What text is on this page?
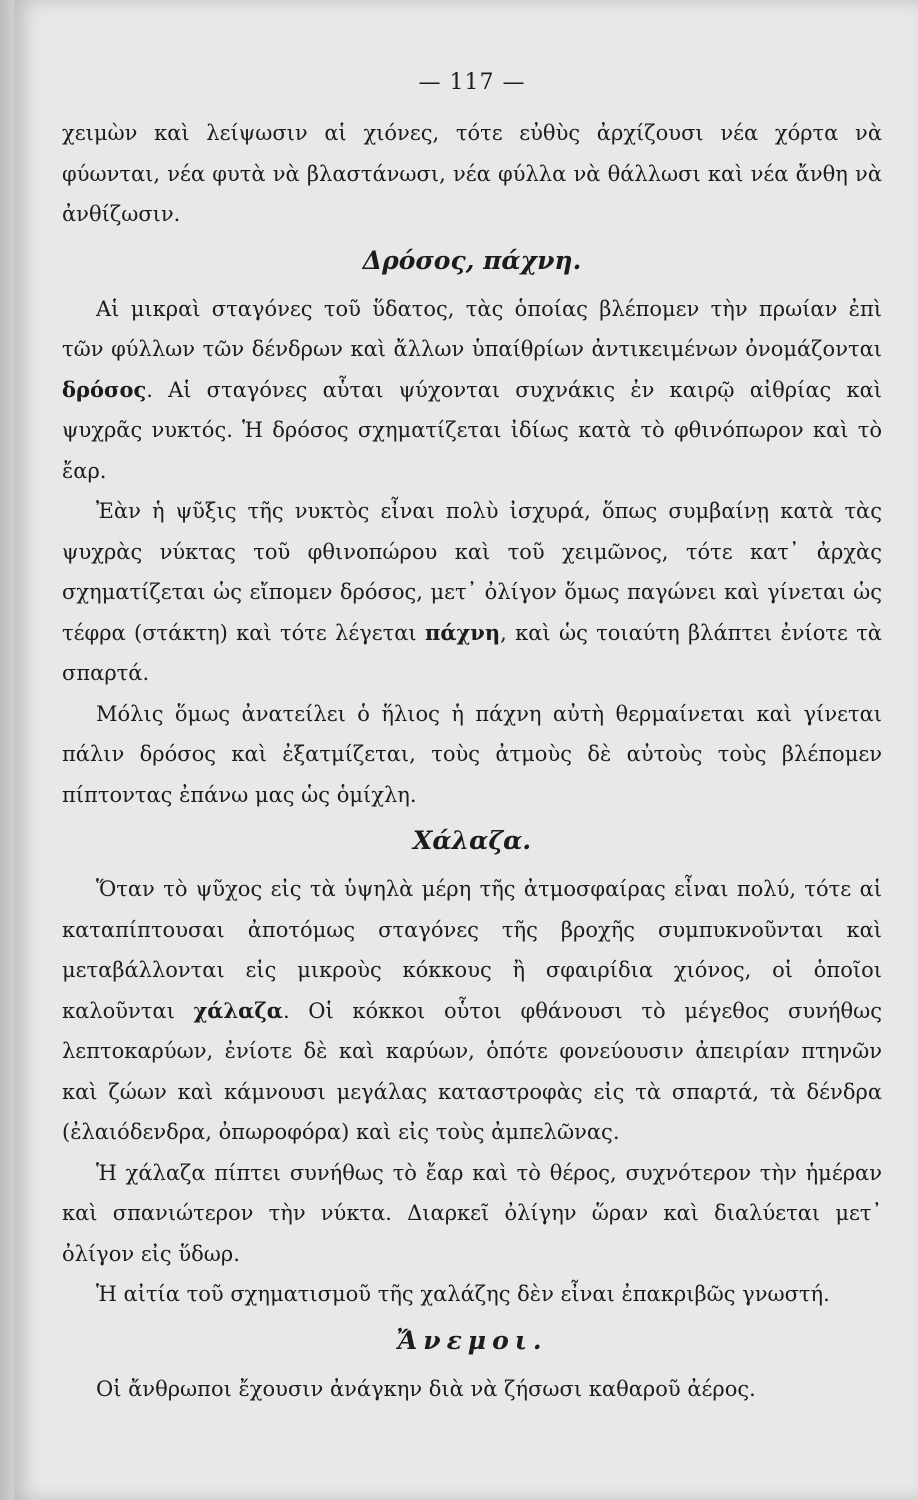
— 117 —

χειμὼν καὶ λείψωσιν αἱ χιόνες, τότε εὐθὺς ἀρχίζουσι νέα χόρτα νὰ φύωνται, νέα φυτὰ νὰ βλαστάνωσι, νέα φύλλα νὰ θάλλωσι καὶ νέα ἄνθη νὰ ἀνθίζωσιν.

Δρόσος, πάχνη.

Αἱ μικραὶ σταγόνες τοῦ ὕδατος, τὰς ὁποίας βλέπομεν τὴν πρωίαν ἐπὶ τῶν φύλλων τῶν δένδρων καὶ ἄλλων ὑπαίθρίων ἀντικειμένων ὀνομάζονται δρόσος. Αἱ σταγόνες αὗται ψύχονται συχνάκις ἐν καιρῷ αἰθρίας καὶ ψυχρᾶς νυκτός. Ἡ δρόσος σχηματίζεται ἰδίως κατὰ τὸ φθινόπωρον καὶ τὸ ἔαρ.

Ἐὰν ἡ ψῦξις τῆς νυκτὸς εἶναι πολὺ ἰσχυρά, ὅπως συμβαίνῃ κατὰ τὰς ψυχρὰς νύκτας τοῦ φθινοπώρου καὶ τοῦ χειμῶνος, τότε κατ᾽ ἀρχὰς σχηματίζεται ὡς εἴπομεν δρόσος, μετ᾽ ὀλίγον ὅμως παγώνει καὶ γίνεται ὡς τέφρα (στάκτη) καὶ τότε λέγεται πάχνη, καὶ ὡς τοιαύτη βλάπτει ἐνίοτε τὰ σπαρτά.

Μόλις ὅμως ἀνατείλει ὁ ἥλιος ἡ πάχνη αὐτὴ θερμαίνεται καὶ γίνεται πάλιν δρόσος καὶ ἐξατμίζεται, τοὺς ἀτμοὺς δὲ αὐτοὺς τοὺς βλέπομεν πίπτοντας ἐπάνω μας ὡς ὁμίχλη.

Χάλαζα.

Ὅταν τὸ ψῦχος εἰς τὰ ὑψηλὰ μέρη τῆς ἀτμοσφαίρας εἶναι πολύ, τότε αἱ καταπίπτουσαι ἀποτόμως σταγόνες τῆς βροχῆς συμπυκνοῦνται καὶ μεταβάλλονται εἰς μικροὺς κόκκους ἢ σφαιρίδια χιόνος, οἱ ὁποῖοι καλοῦνται χάλαζα. Οἱ κόκκοι οὗτοι φθάνουσι τὸ μέγεθος συνήθως λεπτοκαρύων, ἐνίοτε δὲ καὶ καρύων, ὁπότε φονεύουσιν ἀπειρίαν πτηνῶν καὶ ζώων καὶ κάμνουσι μεγάλας καταστροφὰς εἰς τὰ σπαρτά, τὰ δένδρα (ἐλαιόδενδρα, ὀπωροφόρα) καὶ εἰς τοὺς ἀμπελῶνας.

Ἡ χάλαζα πίπτει συνήθως τὸ ἔαρ καὶ τὸ θέρος, συχνότερον τὴν ἡμέραν καὶ σπανιώτερον τὴν νύκτα. Διαρκεῖ ὀλίγην ὥραν καὶ διαλύεται μετ᾽ ὀλίγον εἰς ὕδωρ.

Ἡ αἰτία τοῦ σχηματισμοῦ τῆς χαλάζης δὲν εἶναι ἐπακριβῶς γνωστή.

Ἄνεμοι.

Οἱ ἄνθρωποι ἔχουσιν ἀνάγκην διὰ νὰ ζήσωσι καθαροῦ ἀέρος.
